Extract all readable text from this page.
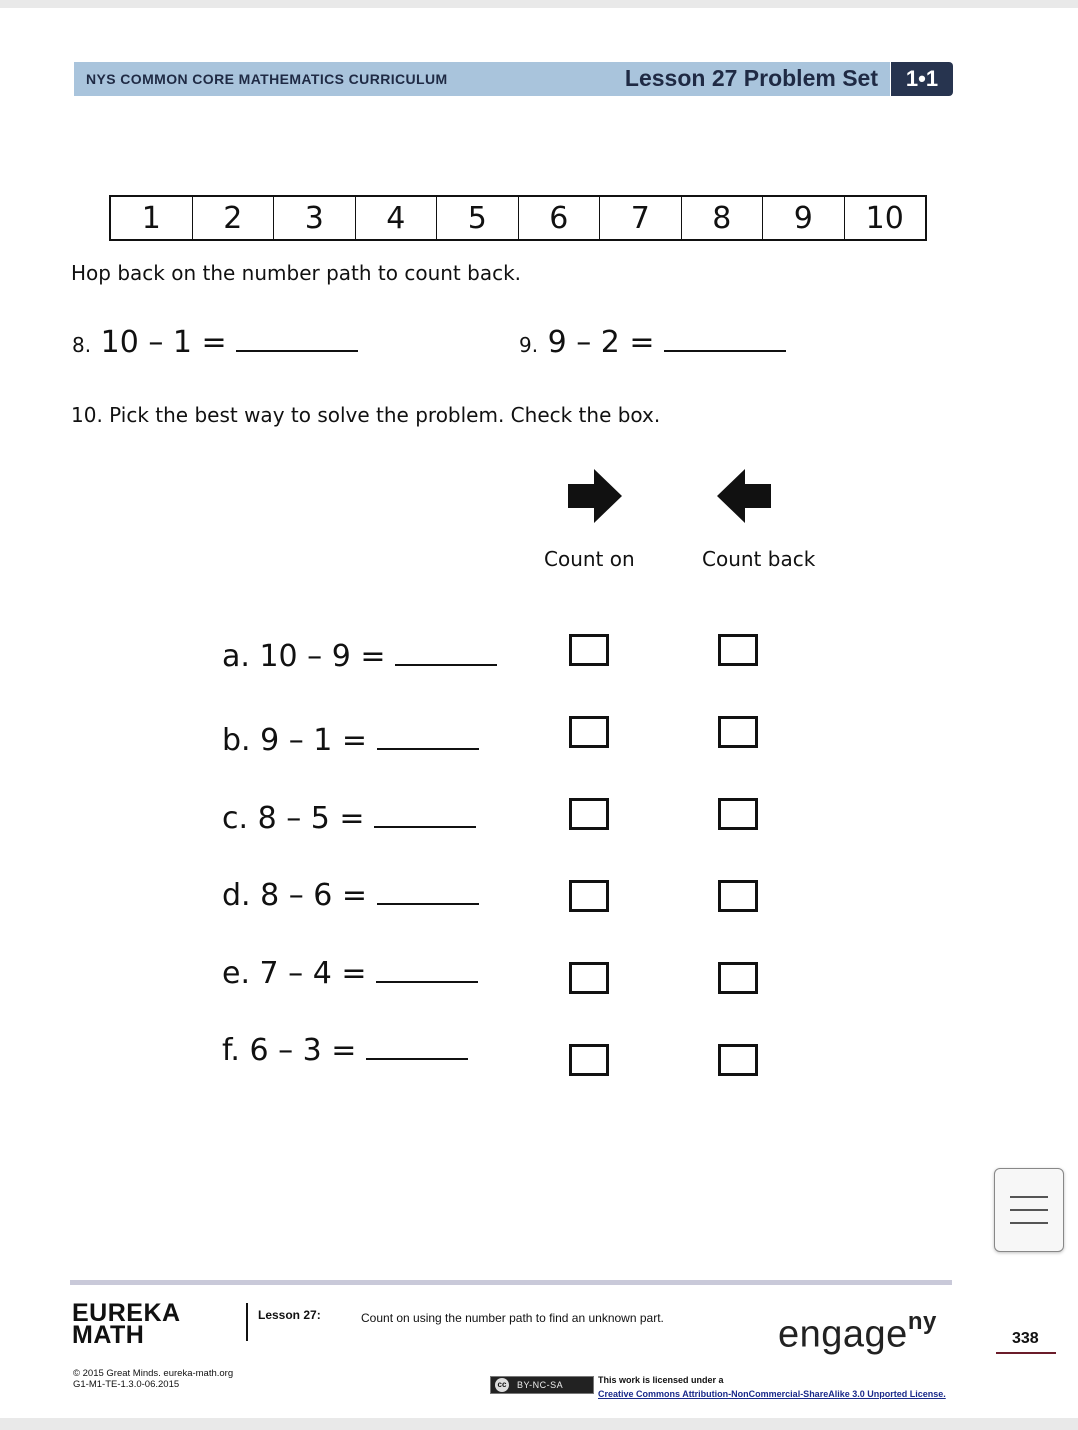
NYS COMMON CORE MATHEMATICS CURRICULUM	Lesson 27 Problem Set	1•1
1	2	3	4	5	6	7	8	9	10
Hop back on the number path to count back.
8. 10 – 1 =	9. 9 – 2 =
10. Pick the best way to solve the problem. Check the box.
Count on	Count back
a. 10 – 9 =
b. 9 – 1 =
c. 8 – 5 =
d. 8 – 6 =
e. 7 – 4 =
f. 6 – 3 =
EUREKA
MATH
Lesson 27:	Count on using the number path to find an unknown part.	engage$^{ny}$
338
© 2015 Great Minds. eureka-math.org
G1-M1-TE-1.3.0-06.2015	cc BY-NC-SA	This work is licensed under a
Creative Commons Attribution-NonCommercial-ShareAlike 3.0 Unported License.
